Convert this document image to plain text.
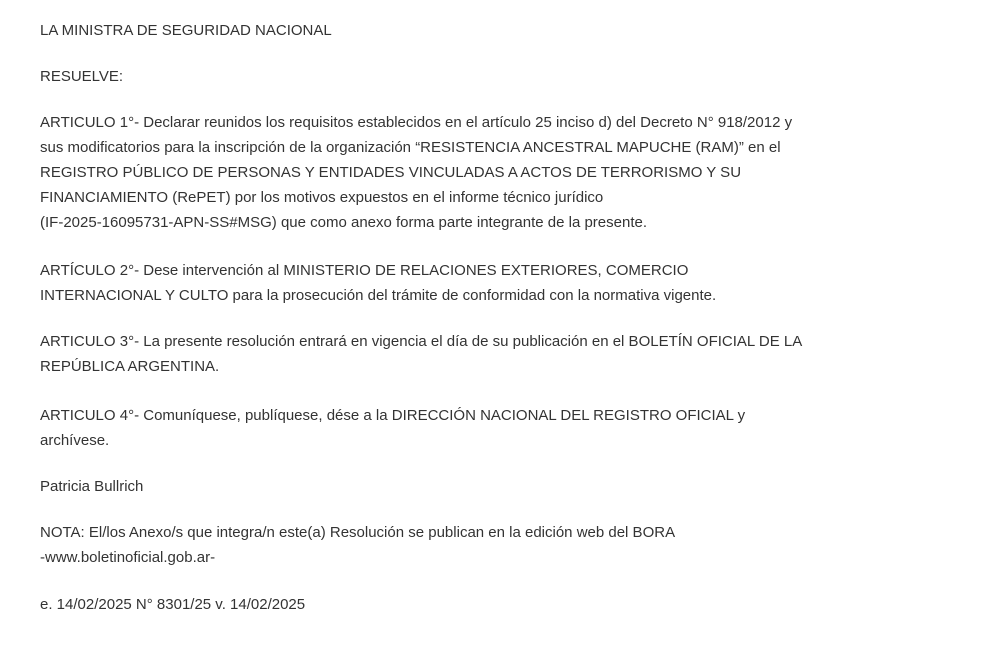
LA MINISTRA DE SEGURIDAD NACIONAL

RESUELVE:

ARTICULO 1°- Declarar reunidos los requisitos establecidos en el artículo 25 inciso d) del Decreto N° 918/2012 y
sus modificatorios para la inscripción de la organización “RESISTENCIA ANCESTRAL MAPUCHE (RAM)” en el
REGISTRO PÚBLICO DE PERSONAS Y ENTIDADES VINCULADAS A ACTOS DE TERRORISMO Y SU
FINANCIAMIENTO (RePET) por los motivos expuestos en el informe técnico jurídico
(IF-2025-16095731-APN-SS#MSG) que como anexo forma parte integrante de la presente.

ARTÍCULO 2°- Dese intervención al MINISTERIO DE RELACIONES EXTERIORES, COMERCIO
INTERNACIONAL Y CULTO para la prosecución del trámite de conformidad con la normativa vigente.

ARTICULO 3°- La presente resolución entrará en vigencia el día de su publicación en el BOLETÍN OFICIAL DE LA
REPÚBLICA ARGENTINA.

ARTICULO 4°- Comuníquese, publíquese, dése a la DIRECCIÓN NACIONAL DEL REGISTRO OFICIAL y
archívese.

Patricia Bullrich

NOTA: El/los Anexo/s que integra/n este(a) Resolución se publican en la edición web del BORA
-www.boletinoficial.gob.ar-

e. 14/02/2025 N° 8301/25 v. 14/02/2025
